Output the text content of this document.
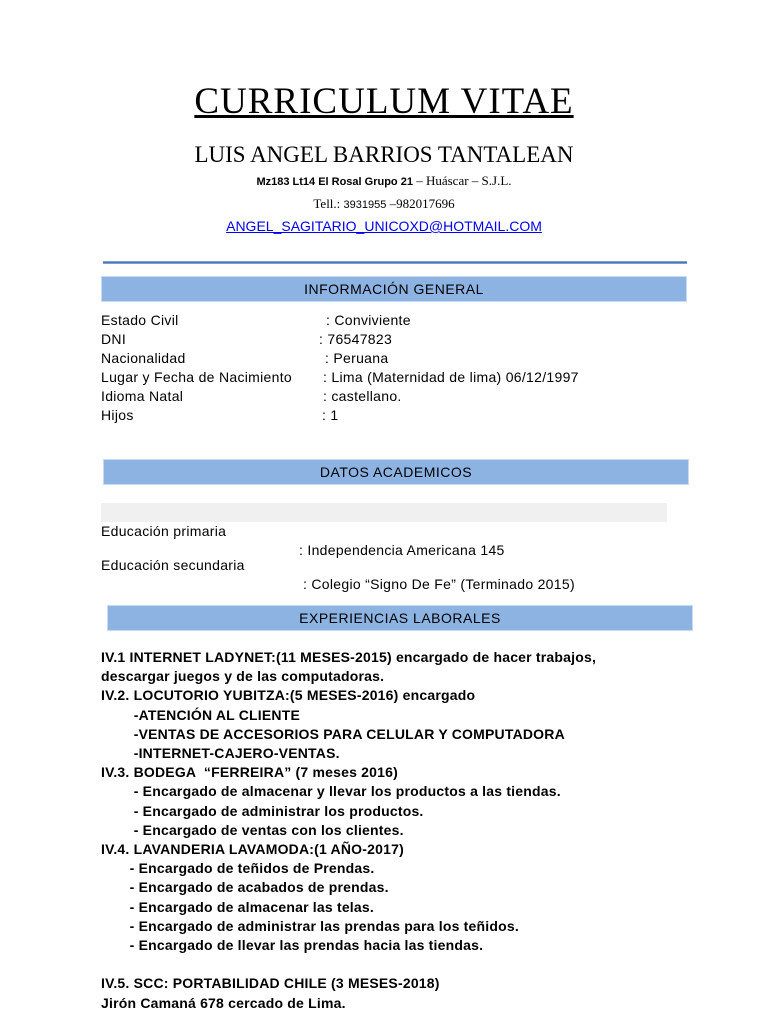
CURRICULUM VITAE
LUIS ANGEL BARRIOS TANTALEAN
Mz183 Lt14 El Rosal Grupo 21 – Huáscar – S.J.L.
Tell.: 3931955 –982017696
ANGEL_SAGITARIO_UNICOXD@HOTMAIL.COM
INFORMACIÓN GENERAL
Estado Civil	: Conviviente
DNI	: 76547823
Nacionalidad	: Peruana
Lugar y Fecha de Nacimiento : Lima (Maternidad de lima) 06/12/1997
Idioma Natal	: castellano.
Hijos	: 1
DATOS ACADEMICOS

Educación primaria

: Independencia Americana 145

Educación secundaria

: Colegio “Signo De Fe” (Terminado 2015)

EXPERIENCIAS LABORALES
IV.1 INTERNET LADYNET:(11 MESES-2015) encargado de hacer trabajos,
descargar juegos y de las computadoras.
IV.2. LOCUTORIO YUBITZA:(5 MESES-2016) encargado
-ATENCIÓN AL CLIENTE
-VENTAS DE ACCESORIOS PARA CELULAR Y COMPUTADORA
-INTERNET-CAJERO-VENTAS.
IV.3. BODEGA  “FERREIRA” (7 meses 2016)
- Encargado de almacenar y llevar los productos a las tiendas.
- Encargado de administrar los productos.
- Encargado de ventas con los clientes.
IV.4. LAVANDERIA LAVAMODA:(1 AÑO-2017)
- Encargado de teñidos de Prendas.
- Encargado de acabados de prendas.
- Encargado de almacenar las telas.
- Encargado de administrar las prendas para los teñidos.
- Encargado de llevar las prendas hacia las tiendas.
IV.5. SCC: PORTABILIDAD CHILE (3 MESES-2018)
Jirón Camaná 678 cercado de Lima.
